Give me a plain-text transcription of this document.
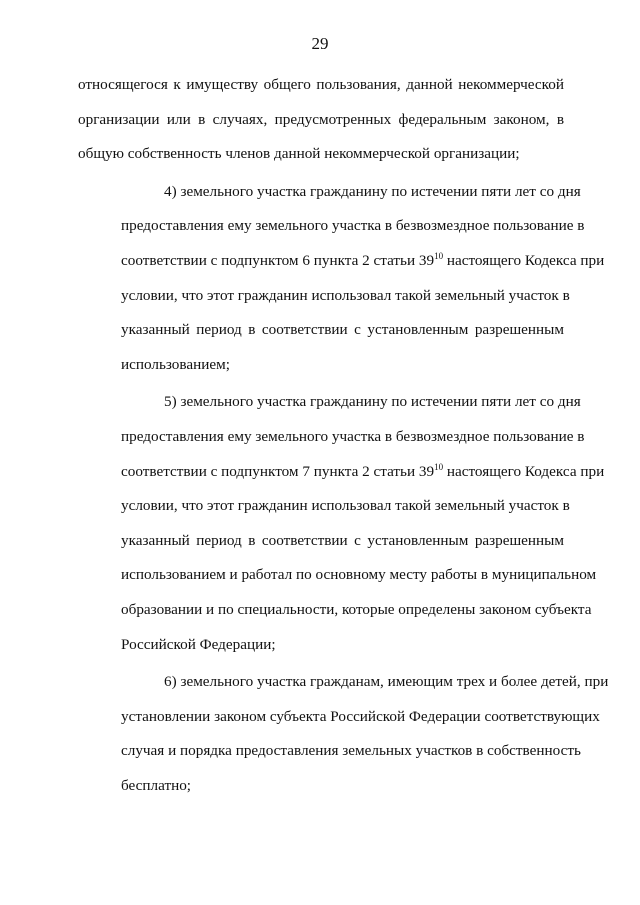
29
относящегося к имуществу общего пользования, данной некоммерческой
организации или в случаях, предусмотренных федеральным законом, в
общую собственность членов данной некоммерческой организации;
4) земельного участка гражданину по истечении пяти лет со дня
предоставления ему земельного участка в безвозмездное пользование в
соответствии с подпунктом 6 пункта 2 статьи $39^{10}$ настоящего Кодекса при
условии, что этот гражданин использовал такой земельный участок в
указанный период в соответствии с установленным разрешенным
использованием;
5) земельного участка гражданину по истечении пяти лет со дня
предоставления ему земельного участка в безвозмездное пользование в
соответствии с подпунктом 7 пункта 2 статьи $39^{10}$ настоящего Кодекса при
условии, что этот гражданин использовал такой земельный участок в
указанный период в соответствии с установленным разрешенным
использованием и работал по основному месту работы в муниципальном
образовании и по специальности, которые определены законом субъекта
Российской Федерации;
6) земельного участка гражданам, имеющим трех и более детей, при
установлении законом субъекта Российской Федерации соответствующих
случая и порядка предоставления земельных участков в собственность
бесплатно;
